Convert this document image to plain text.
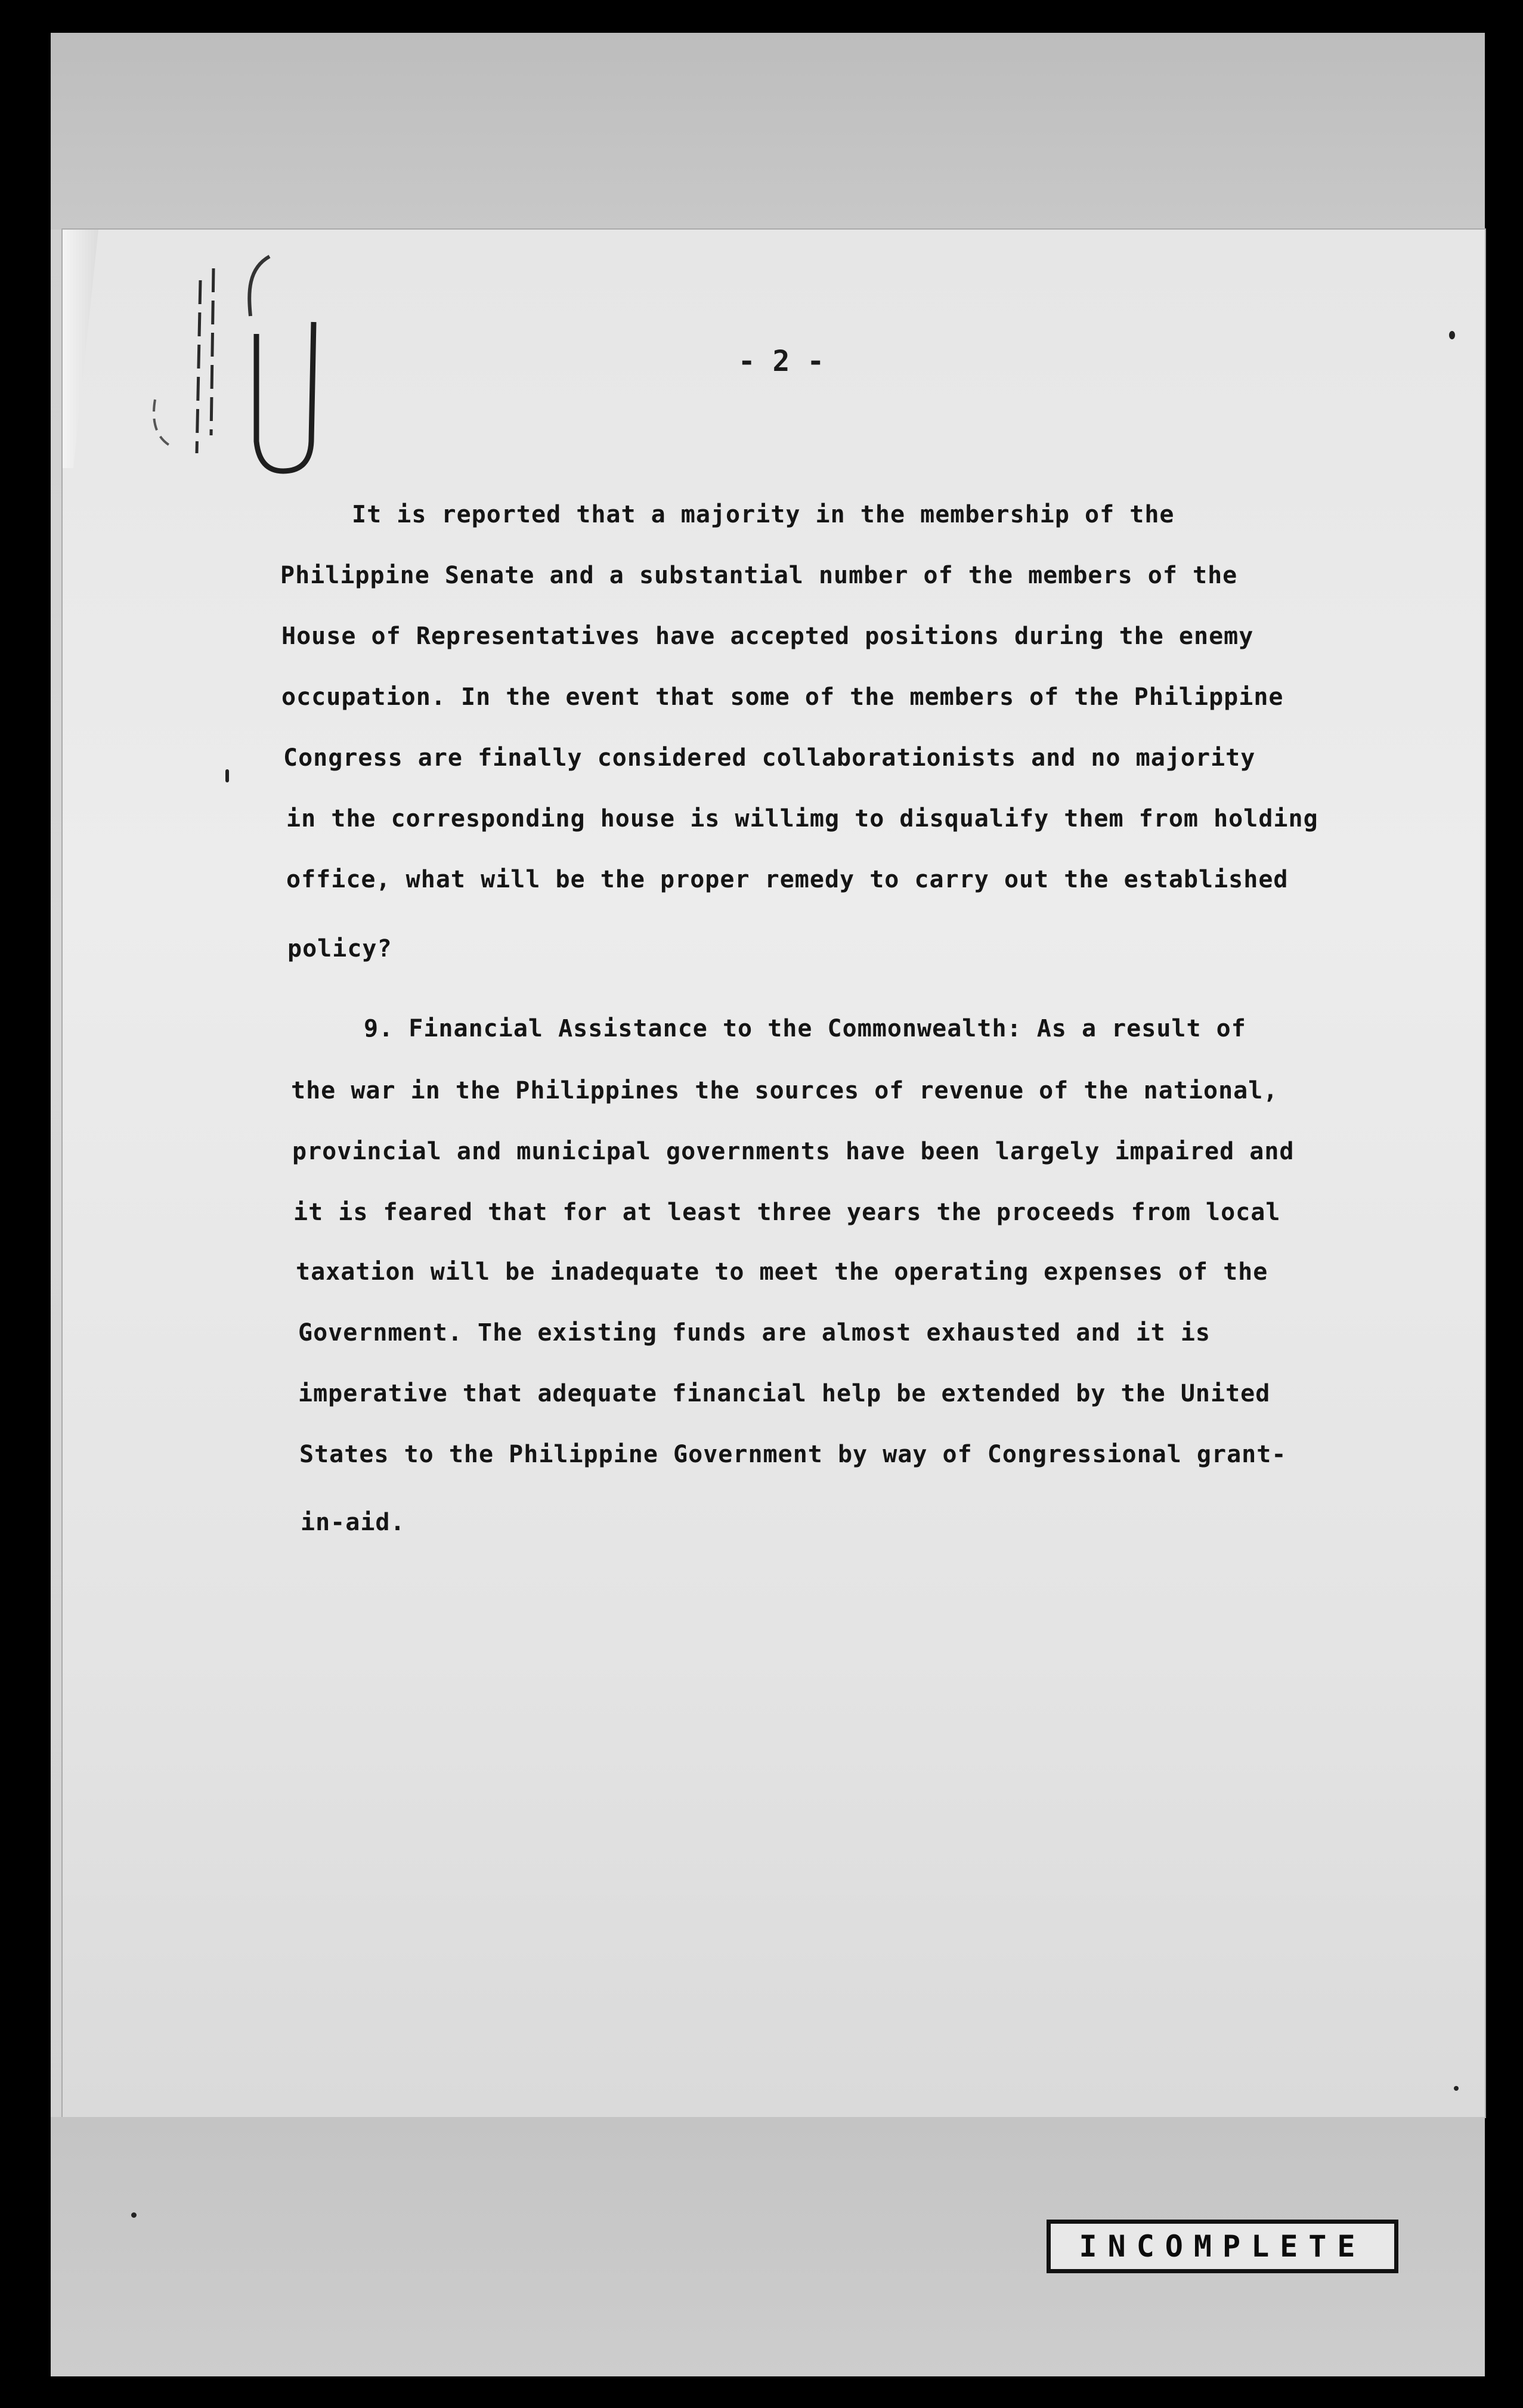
- 2 -
It is reported that a majority in the membership of the
Philippine Senate and a substantial number of the members of the
House of Representatives have accepted positions during the enemy
occupation. In the event that some of the members of the Philippine
Congress are finally considered collaborationists and no majority
in the corresponding house is willimg to disqualify them from holding
office, what will be the proper remedy to carry out the established
policy?
9. Financial Assistance to the Commonwealth: As a result of
the war in the Philippines the sources of revenue of the national,
provincial and municipal governments have been largely impaired and
it is feared that for at least three years the proceeds from local
taxation will be inadequate to meet the operating expenses of the
Government. The existing funds are almost exhausted and it is
imperative that adequate financial help be extended by the United
States to the Philippine Government by way of Congressional grant-
in-aid.
INCOMPLETE
